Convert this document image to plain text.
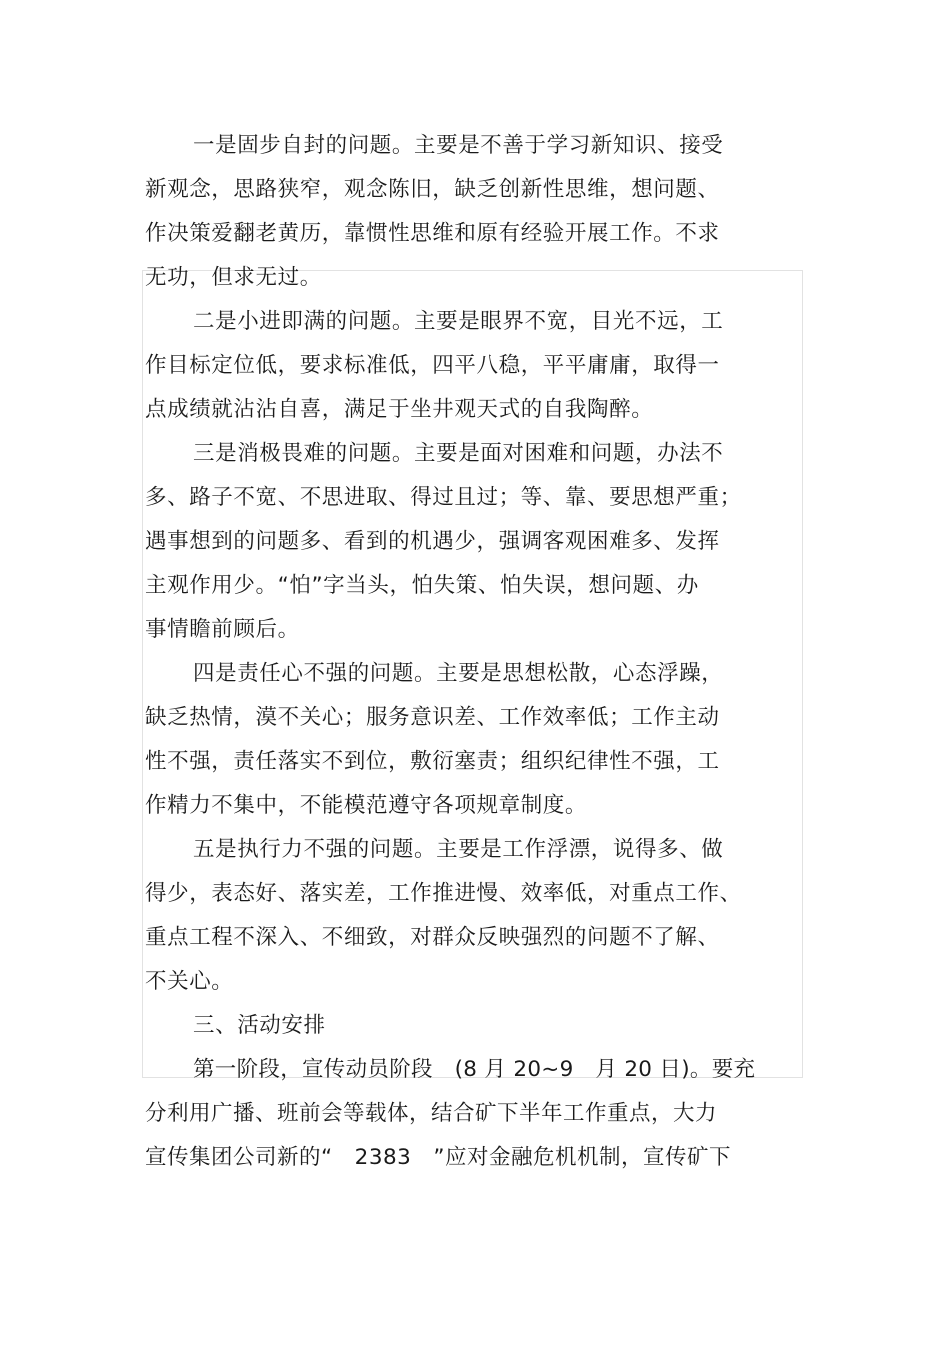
一是固步自封的问题。主要是不善于学习新知识、接受
新观念，思路狭窄，观念陈旧，缺乏创新性思维，想问题、
作决策爱翻老黄历，靠惯性思维和原有经验开展工作。不求
无功，但求无过。
二是小进即满的问题。主要是眼界不宽，目光不远，工
作目标定位低，要求标准低，四平八稳，平平庸庸，取得一
点成绩就沾沾自喜，满足于坐井观天式的自我陶醉。
三是消极畏难的问题。主要是面对困难和问题，办法不
多、路子不宽、不思进取、得过且过；等、靠、要思想严重；
遇事想到的问题多、看到的机遇少，强调客观困难多、发挥
主观作用少。“怕”字当头，怕失策、怕失误，想问题、办
事情瞻前顾后。
四是责任心不强的问题。主要是思想松散，心态浮躁，
缺乏热情，漠不关心；服务意识差、工作效率低；工作主动
性不强，责任落实不到位，敷衍塞责；组织纪律性不强，工
作精力不集中，不能模范遵守各项规章制度。
五是执行力不强的问题。主要是工作浮漂，说得多、做
得少，表态好、落实差，工作推进慢、效率低，对重点工作、
重点工程不深入、不细致，对群众反映强烈的问题不了解、
不关心。
三、活动安排
第一阶段，宣传动员阶段　(8 月 20~9　月 20 日)。要充
分利用广播、班前会等载体，结合矿下半年工作重点，大力
宣传集团公司新的“　2383　”应对金融危机机制，宣传矿下
